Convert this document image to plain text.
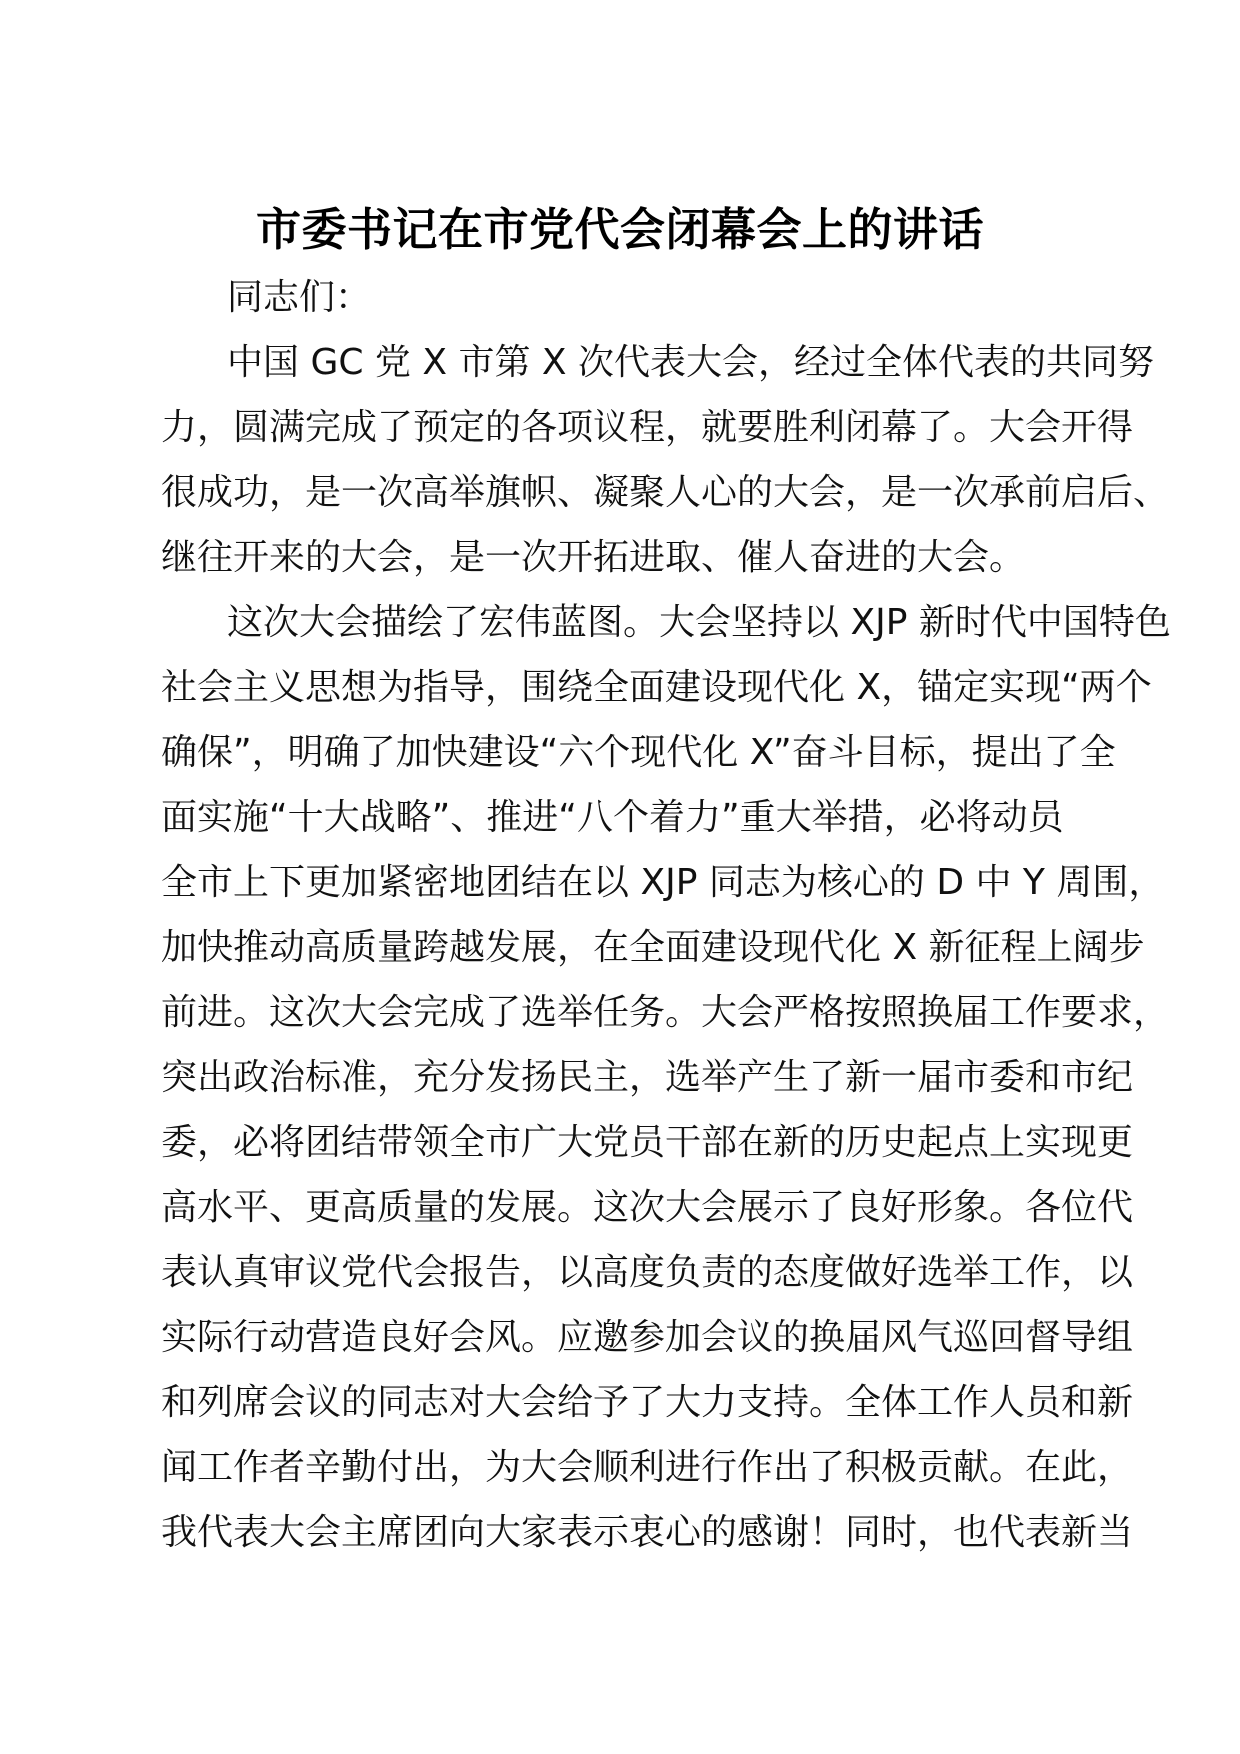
市委书记在市党代会闭幕会上的讲话
同志们：
中国 GC 党 X 市第 X 次代表大会，经过全体代表的共同努
力，圆满完成了预定的各项议程，就要胜利闭幕了。大会开得
很成功，是一次高举旗帜、凝聚人心的大会，是一次承前启后、
继往开来的大会，是一次开拓进取、催人奋进的大会。
这次大会描绘了宏伟蓝图。大会坚持以 XJP 新时代中国特色
社会主义思想为指导，围绕全面建设现代化 X，锚定实现“两个
确保”，明确了加快建设“六个现代化 X”奋斗目标，提出了全
面实施“十大战略”、推进“八个着力”重大举措，必将动员
全市上下更加紧密地团结在以 XJP 同志为核心的 D 中 Y 周围，
加快推动高质量跨越发展，在全面建设现代化 X 新征程上阔步
前进。这次大会完成了选举任务。大会严格按照换届工作要求，
突出政治标准，充分发扬民主，选举产生了新一届市委和市纪
委，必将团结带领全市广大党员干部在新的历史起点上实现更
高水平、更高质量的发展。这次大会展示了良好形象。各位代
表认真审议党代会报告，以高度负责的态度做好选举工作，以
实际行动营造良好会风。应邀参加会议的换届风气巡回督导组
和列席会议的同志对大会给予了大力支持。全体工作人员和新
闻工作者辛勤付出，为大会顺利进行作出了积极贡献。在此，
我代表大会主席团向大家表示衷心的感谢！同时，也代表新当
